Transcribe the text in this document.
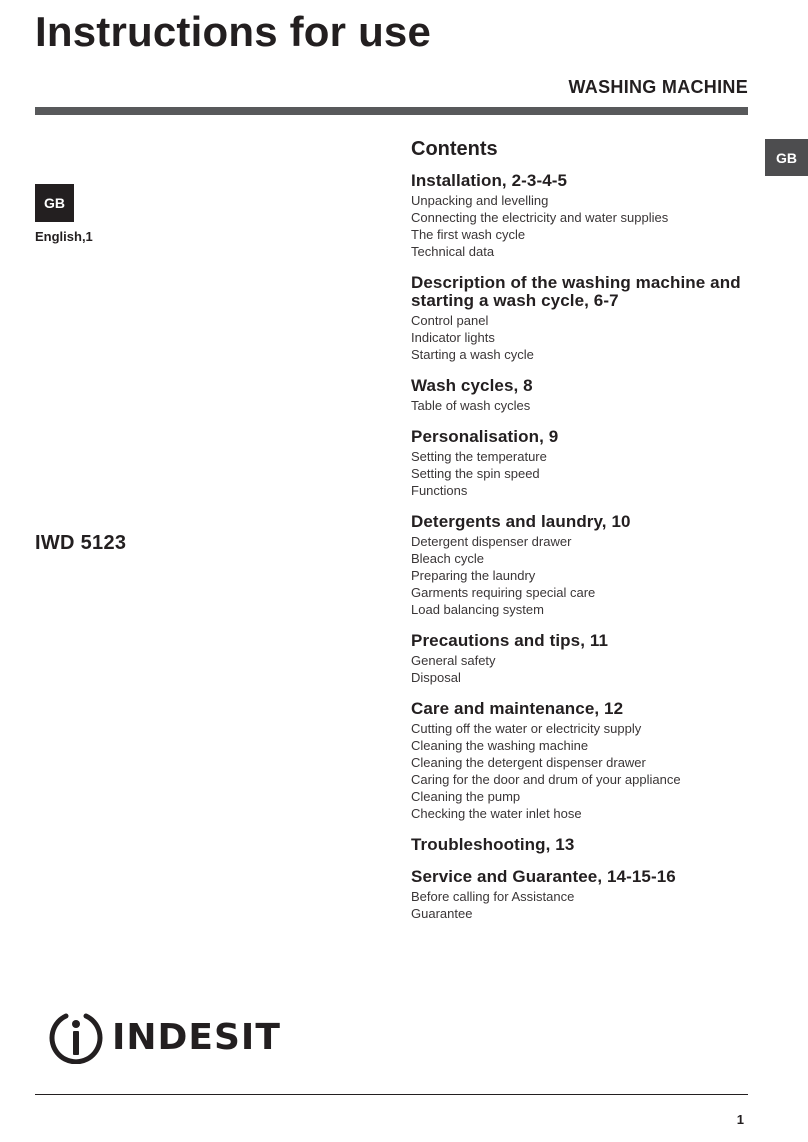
Instructions for use
WASHING MACHINE
GB
GB
English,1
IWD 5123
Contents
Installation, 2-3-4-5
Unpacking and levelling
Connecting the electricity and water supplies
The first wash cycle
Technical data
Description of the washing machine and starting a wash cycle, 6-7
Control panel
Indicator lights
Starting a wash cycle
Wash cycles, 8
Table of wash cycles
Personalisation, 9
Setting the temperature
Setting the spin speed
Functions
Detergents and laundry, 10
Detergent dispenser drawer
Bleach cycle
Preparing the laundry
Garments requiring special care
Load balancing system
Precautions and tips, 11
General safety
Disposal
Care and maintenance, 12
Cutting off the water or electricity supply
Cleaning the washing machine
Cleaning the detergent dispenser drawer
Caring for the door and drum of your appliance
Cleaning the pump
Checking the water inlet hose
Troubleshooting, 13
Service and Guarantee, 14-15-16
Before calling for Assistance
Guarantee
INDESIT
1
